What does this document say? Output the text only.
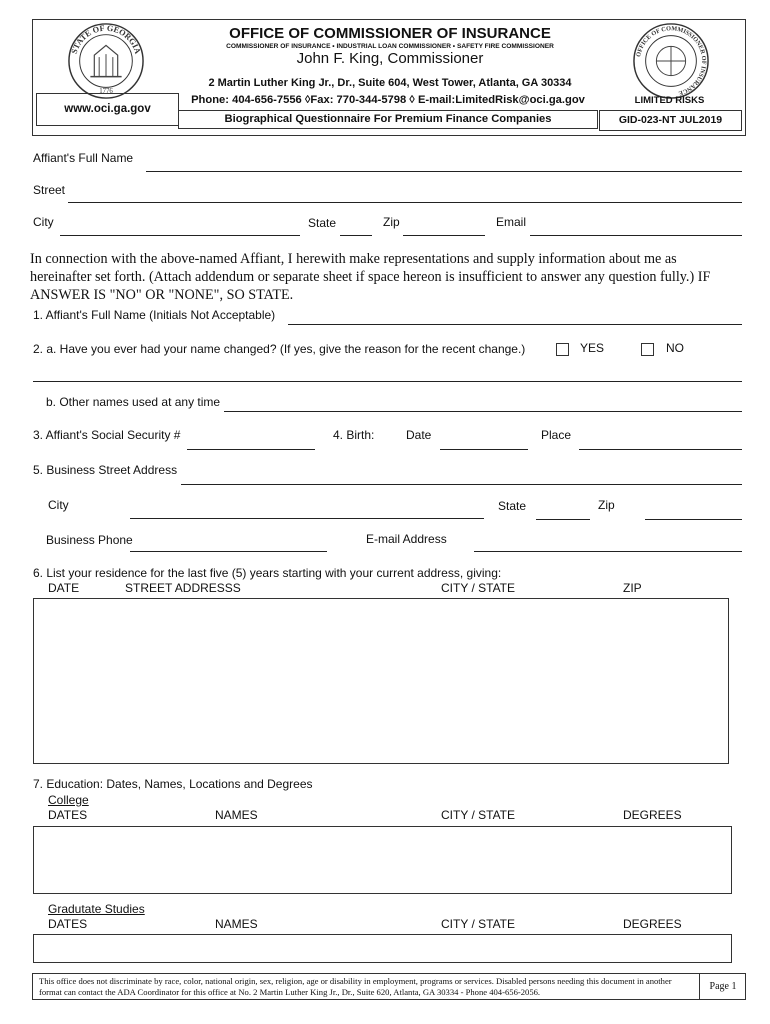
STATE OF GEORGIA
1776
OFFICE OF COMMISSIONER OF INSURANCE
OFFICE OF COMMISSIONER OF INSURANCE
COMMISSIONER OF INSURANCE • INDUSTRIAL LOAN COMMISSIONER • SAFETY FIRE COMMISSIONER
John F. King, Commissioner
2 Martin Luther King Jr., Dr., Suite 604, West Tower, Atlanta, GA 30334
www.oci.ga.gov
Phone: 404-656-7556 ◊Fax: 770-344-5798 ◊ E-mail:LimitedRisk@oci.ga.gov
Biographical Questionnaire For Premium Finance Companies
LIMITED RISKS
GID-023-NT JUL2019
Affiant's Full Name
Street
City	State	Zip	Email
In connection with the above-named Affiant, I herewith make representations and supply information about me as hereinafter set forth. (Attach addendum or separate sheet if space hereon is insufficient to answer any question fully.) IF ANSWER IS "NO" OR "NONE", SO STATE.
1. Affiant's Full Name (Initials Not Acceptable)
2. a. Have you ever had your name changed? (If yes, give the reason for the recent change.)	YES	NO
b. Other names used at any time
3. Affiant's Social Security #	4. Birth:	Date	Place
5. Business Street Address
City	State	Zip
Business Phone	E-mail Address
6. List your residence for the last five (5) years starting with your current address, giving:
DATE	STREET ADDRESSS	CITY / STATE	ZIP
7. Education: Dates, Names, Locations and Degrees
College
DATES	NAMES	CITY / STATE	DEGREES
Gradutate Studies
DATES	NAMES	CITY / STATE	DEGREES
This office does not discriminate by race, color, national origin, sex, religion, age or disability in employment, programs or services. Disabled persons needing this document in another format can contact the ADA Coordinator for this office at No. 2 Martin Luther King Jr., Dr., Suite 620, Atlanta, GA 30334 - Phone 404-656-2056.	Page 1
